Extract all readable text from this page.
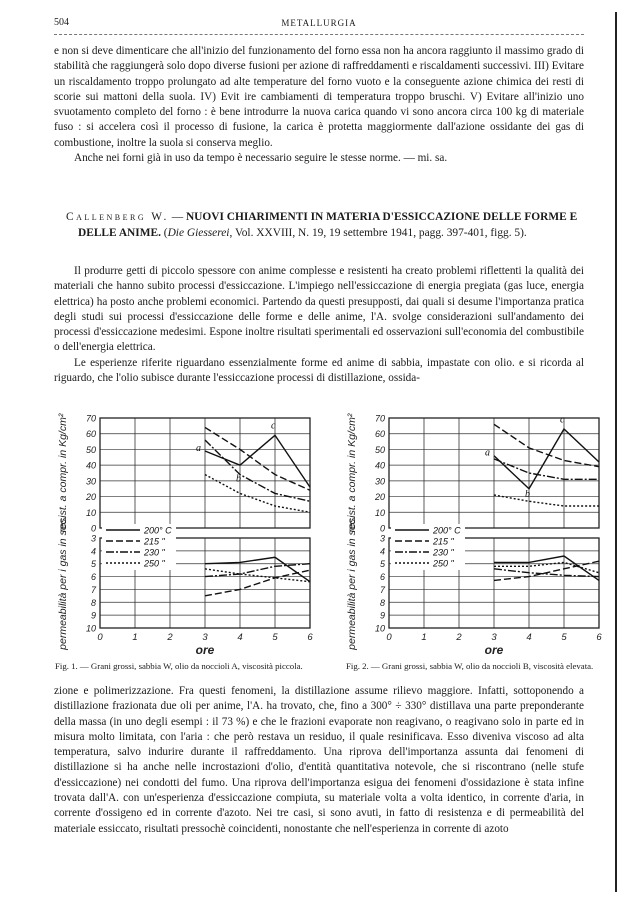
504	METALLURGIA

e non si deve dimenticare che all'inizio del funzionamento del forno essa non ha ancora raggiunto il massimo grado di stabilità che raggiungerà solo dopo diverse fusioni per azione di raffreddamenti e riscaldamenti successivi. III) Evitare un riscaldamento troppo prolungato ad alte temperature del forno vuoto e la conseguente azione chimica dei resti di scorie sui mattoni della suola. IV) Evit ire cambiamenti di temperatura troppo bruschi. V) Evitare all'inizio uno svuotamento completo del forno : è bene introdurre la nuova carica quando vi sono ancora circa 100 kg di materiale fuso : si accelera così il processo di fusione, la carica è protetta maggiormente dall'azione ossidante dei gas di combustione, inoltre la suola si conserva meglio.

Anche nei forni già in uso da tempo è necessario seguire le stesse norme. — mi. sa.

Callenberg W. — NUOVI CHIARIMENTI IN MATERIA D'ESSICCAZIONE DELLE FORME E DELLE ANIME. (Die Giesserei, Vol. XXVIII, N. 19, 19 settembre 1941, pagg. 397-401, figg. 5).

Il produrre getti di piccolo spessore con anime complesse e resistenti ha creato problemi riflettenti la qualità dei materiali che hanno subito processi d'essiccazione. L'impiego nell'essiccazione di energia pregiata (gas luce, energia elettrica) ha posto anche problemi economici. Partendo da questi presupposti, dai quali si desume l'importanza pratica degli studi sui processi d'essiccazione delle forme e delle anime, l'A. svolge considerazioni sull'andamento dei processi d'essiccazione medesimi. Espone inoltre risultati sperimentali ed osservazioni sull'economia del combustibile o dell'energia elettrica.

Le esperienze riferite riguardano essenzialmente forme ed anime di sabbia, impastate con olio. e si ricorda al riguardo, che l'olio subisce durante l'essiccazione processi di distillazione, ossida-

zione e polimerizzazione. Fra questi fenomeni, la distillazione assume rilievo maggiore. Infatti, sottoponendo a distillazione frazionata due oli per anime, l'A. ha trovato, che, fino a 300° ÷ 330° distillava una parte preponderante della massa (in uno degli esempi : il 73 %) e che le frazioni evaporate non reagivano, o reagivano solo in parte ed in misura molto limitata, con l'aria : che però restava un residuo, il quale resinificava. Esso diveniva viscoso ad alta temperatura, salvo indurire durante il raffreddamento. Una riprova dell'importanza assunta dai fenomeni di distillazione si ha anche nelle incrostazioni d'olio, d'entità quantitativa notevole, che si riscontrano (nelle stufe d'essiccazione) nei condotti del fumo. Una riprova dell'importanza esigua dei fenomeni d'ossidazione è stata infine trovata dall'A. con un'esperienza d'essiccazione compiuta, su materiale volta a volta identico, in corrente d'aria, in corrente d'ossigeno ed in corrente d'azoto. Nei tre casi, si sono avuti, in fatto di resistenza e di permeabilità del materiale essiccato, risultati pressochè coincidenti, nonostante che nell'esperienza in corrente di azoto

0
10
20
30
40
50
60
70
a
b
c
resist. a compr. in Kg/cm²
3
4
5
6
7
8
9
10
permeabilità per i gas in sec.	0	1	2	3	4	5	6
ore
200° C
215 "
230 "
250 "
Fig. 1. — Grani grossi, sabbia W, olio da noccioli A, viscosità piccola.
0
10
20
30
40
50
60
70
a
b
c
resist. a compr. in Kg/cm²
3
4
5
6
7
8
9
10
permeabilità per i gas in sec.	0	1	2	3	4	5	6
ore
200° C
215 "
230 "
250 "
Fig. 2. — Grani grossi, sabbia W, olio da noccioli B, viscosità elevata.
